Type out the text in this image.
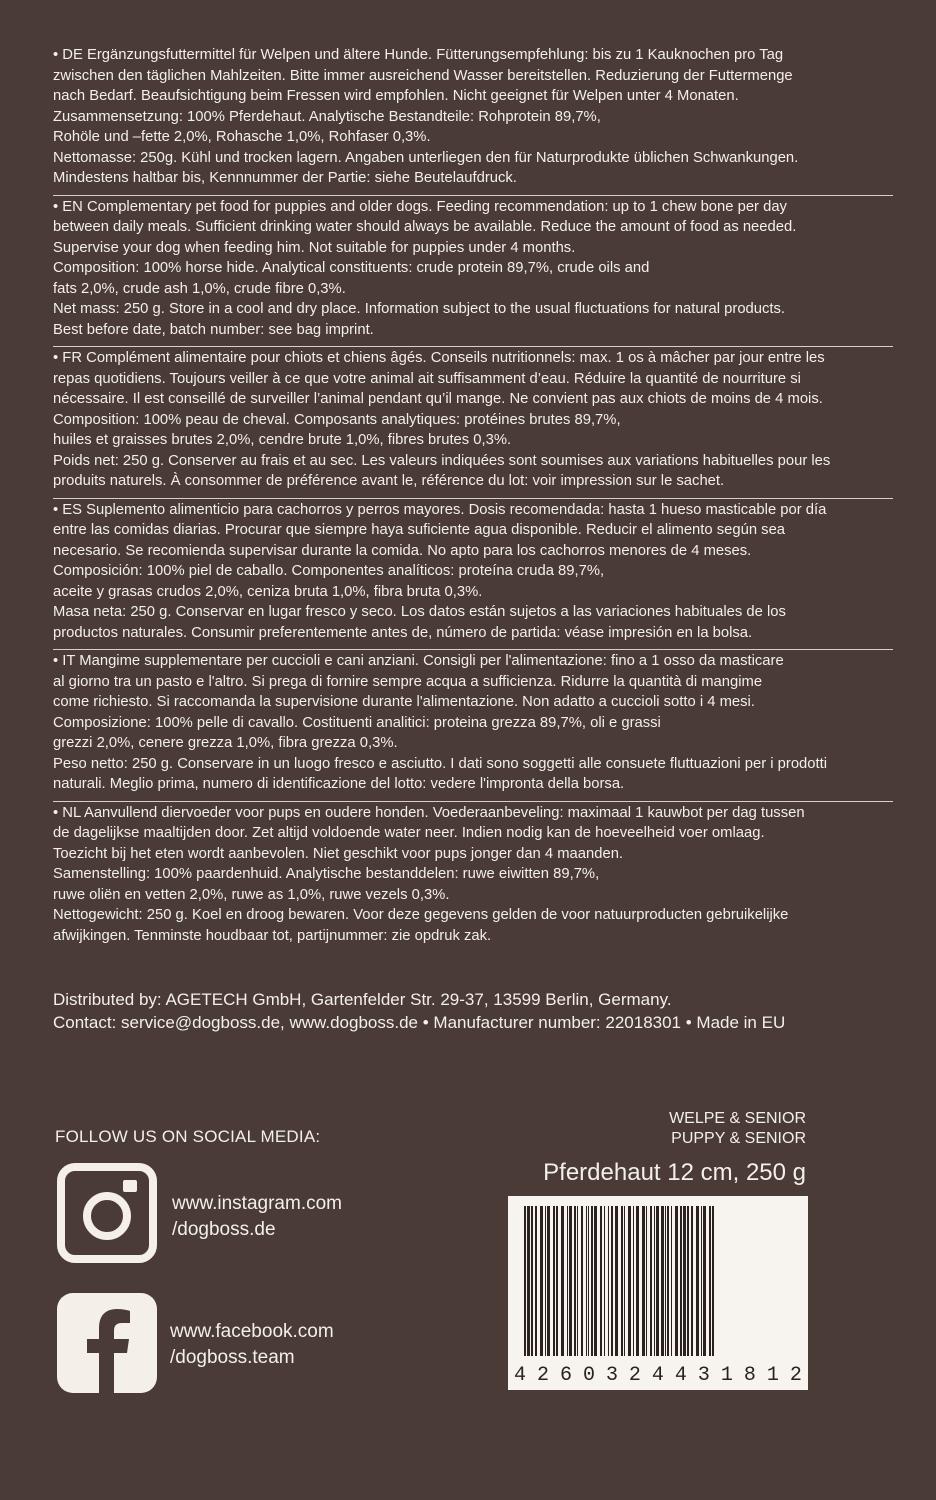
• DE Ergänzungsfuttermittel für Welpen und ältere Hunde. Fütterungsempfehlung: bis zu 1 Kauknochen pro Tag
zwischen den täglichen Mahlzeiten. Bitte immer ausreichend Wasser bereitstellen. Reduzierung der Futtermenge
nach Bedarf. Beaufsichtigung beim Fressen wird empfohlen. Nicht geeignet für Welpen unter 4 Monaten.
Zusammensetzung: 100% Pferdehaut. Analytische Bestandteile: Rohprotein 89,7%,
Rohöle und –fette 2,0%, Rohasche 1,0%, Rohfaser 0,3%.
Nettomasse: 250g. Kühl und trocken lagern. Angaben unterliegen den für Naturprodukte üblichen Schwankungen.
Mindestens haltbar bis, Kennnummer der Partie: siehe Beutelaufdruck.

• EN Complementary pet food for puppies and older dogs. Feeding recommendation: up to 1 chew bone per day
between daily meals. Sufficient drinking water should always be available. Reduce the amount of food as needed.
Supervise your dog when feeding him. Not suitable for puppies under 4 months.
Composition: 100% horse hide. Analytical constituents: crude protein 89,7%, crude oils and
fats 2,0%, crude ash 1,0%, crude fibre 0,3%.
Net mass: 250 g. Store in a cool and dry place. Information subject to the usual fluctuations for natural products.
Best before date, batch number: see bag imprint.

• FR Complément alimentaire pour chiots et chiens âgés. Conseils nutritionnels: max. 1 os à mâcher par jour entre les
repas quotidiens. Toujours veiller à ce que votre animal ait suffisamment d’eau. Réduire la quantité de nourriture si
nécessaire. Il est conseillé de surveiller l’animal pendant qu’il mange. Ne convient pas aux chiots de moins de 4 mois.
Composition: 100% peau de cheval. Composants analytiques: protéines brutes 89,7%,
huiles et graisses brutes 2,0%, cendre brute 1,0%, fibres brutes 0,3%.
Poids net: 250 g. Conserver au frais et au sec. Les valeurs indiquées sont soumises aux variations habituelles pour les
produits naturels. À consommer de préférence avant le, référence du lot: voir impression sur le sachet.

• ES Suplemento alimenticio para cachorros y perros mayores. Dosis recomendada: hasta 1 hueso masticable por día
entre las comidas diarias. Procurar que siempre haya suficiente agua disponible. Reducir el alimento según sea
necesario. Se recomienda supervisar durante la comida. No apto para los cachorros menores de 4 meses.
Composición: 100% piel de caballo. Componentes analíticos: proteína cruda 89,7%,
aceite y grasas crudos 2,0%, ceniza bruta 1,0%, fibra bruta 0,3%.
Masa neta: 250 g. Conservar en lugar fresco y seco. Los datos están sujetos a las variaciones habituales de los
productos naturales. Consumir preferentemente antes de, número de partida: véase impresión en la bolsa.

• IT Mangime supplementare per cuccioli e cani anziani. Consigli per l'alimentazione: fino a 1 osso da masticare
al giorno tra un pasto e l'altro. Si prega di fornire sempre acqua a sufficienza. Ridurre la quantità di mangime
come richiesto. Si raccomanda la supervisione durante l'alimentazione. Non adatto a cuccioli sotto i 4 mesi.
Composizione: 100% pelle di cavallo. Costituenti analitici: proteina grezza 89,7%, oli e grassi
grezzi 2,0%, cenere grezza 1,0%, fibra grezza 0,3%.
Peso netto: 250 g. Conservare in un luogo fresco e asciutto. I dati sono soggetti alle consuete fluttuazioni per i prodotti
naturali. Meglio prima, numero di identificazione del lotto: vedere l'impronta della borsa.

• NL Aanvullend diervoeder voor pups en oudere honden. Voederaanbeveling: maximaal 1 kauwbot per dag tussen
de dagelijkse maaltijden door. Zet altijd voldoende water neer. Indien nodig kan de hoeveelheid voer omlaag.
Toezicht bij het eten wordt aanbevolen. Niet geschikt voor pups jonger dan 4 maanden.
Samenstelling: 100% paardenhuid. Analytische bestanddelen: ruwe eiwitten 89,7%,
ruwe oliën en vetten 2,0%, ruwe as 1,0%, ruwe vezels 0,3%.
Nettogewicht: 250 g. Koel en droog bewaren. Voor deze gegevens gelden de voor natuurproducten gebruikelijke
afwijkingen. Tenminste houdbaar tot, partijnummer: zie opdruk zak.

Distributed by: AGETECH GmbH, Gartenfelder Str. 29-37, 13599 Berlin, Germany.

Contact: service@dogboss.de, www.dogboss.de • Manufacturer number: 22018301 • Made in EU

FOLLOW US ON SOCIAL MEDIA:

www.instagram.com

/dogboss.de

www.facebook.com

/dogboss.team

WELPE & SENIOR

PUPPY & SENIOR

Pferdehaut 12 cm, 250 g
4 2 6 0 3 2 4 4 3 1 8 1 2
